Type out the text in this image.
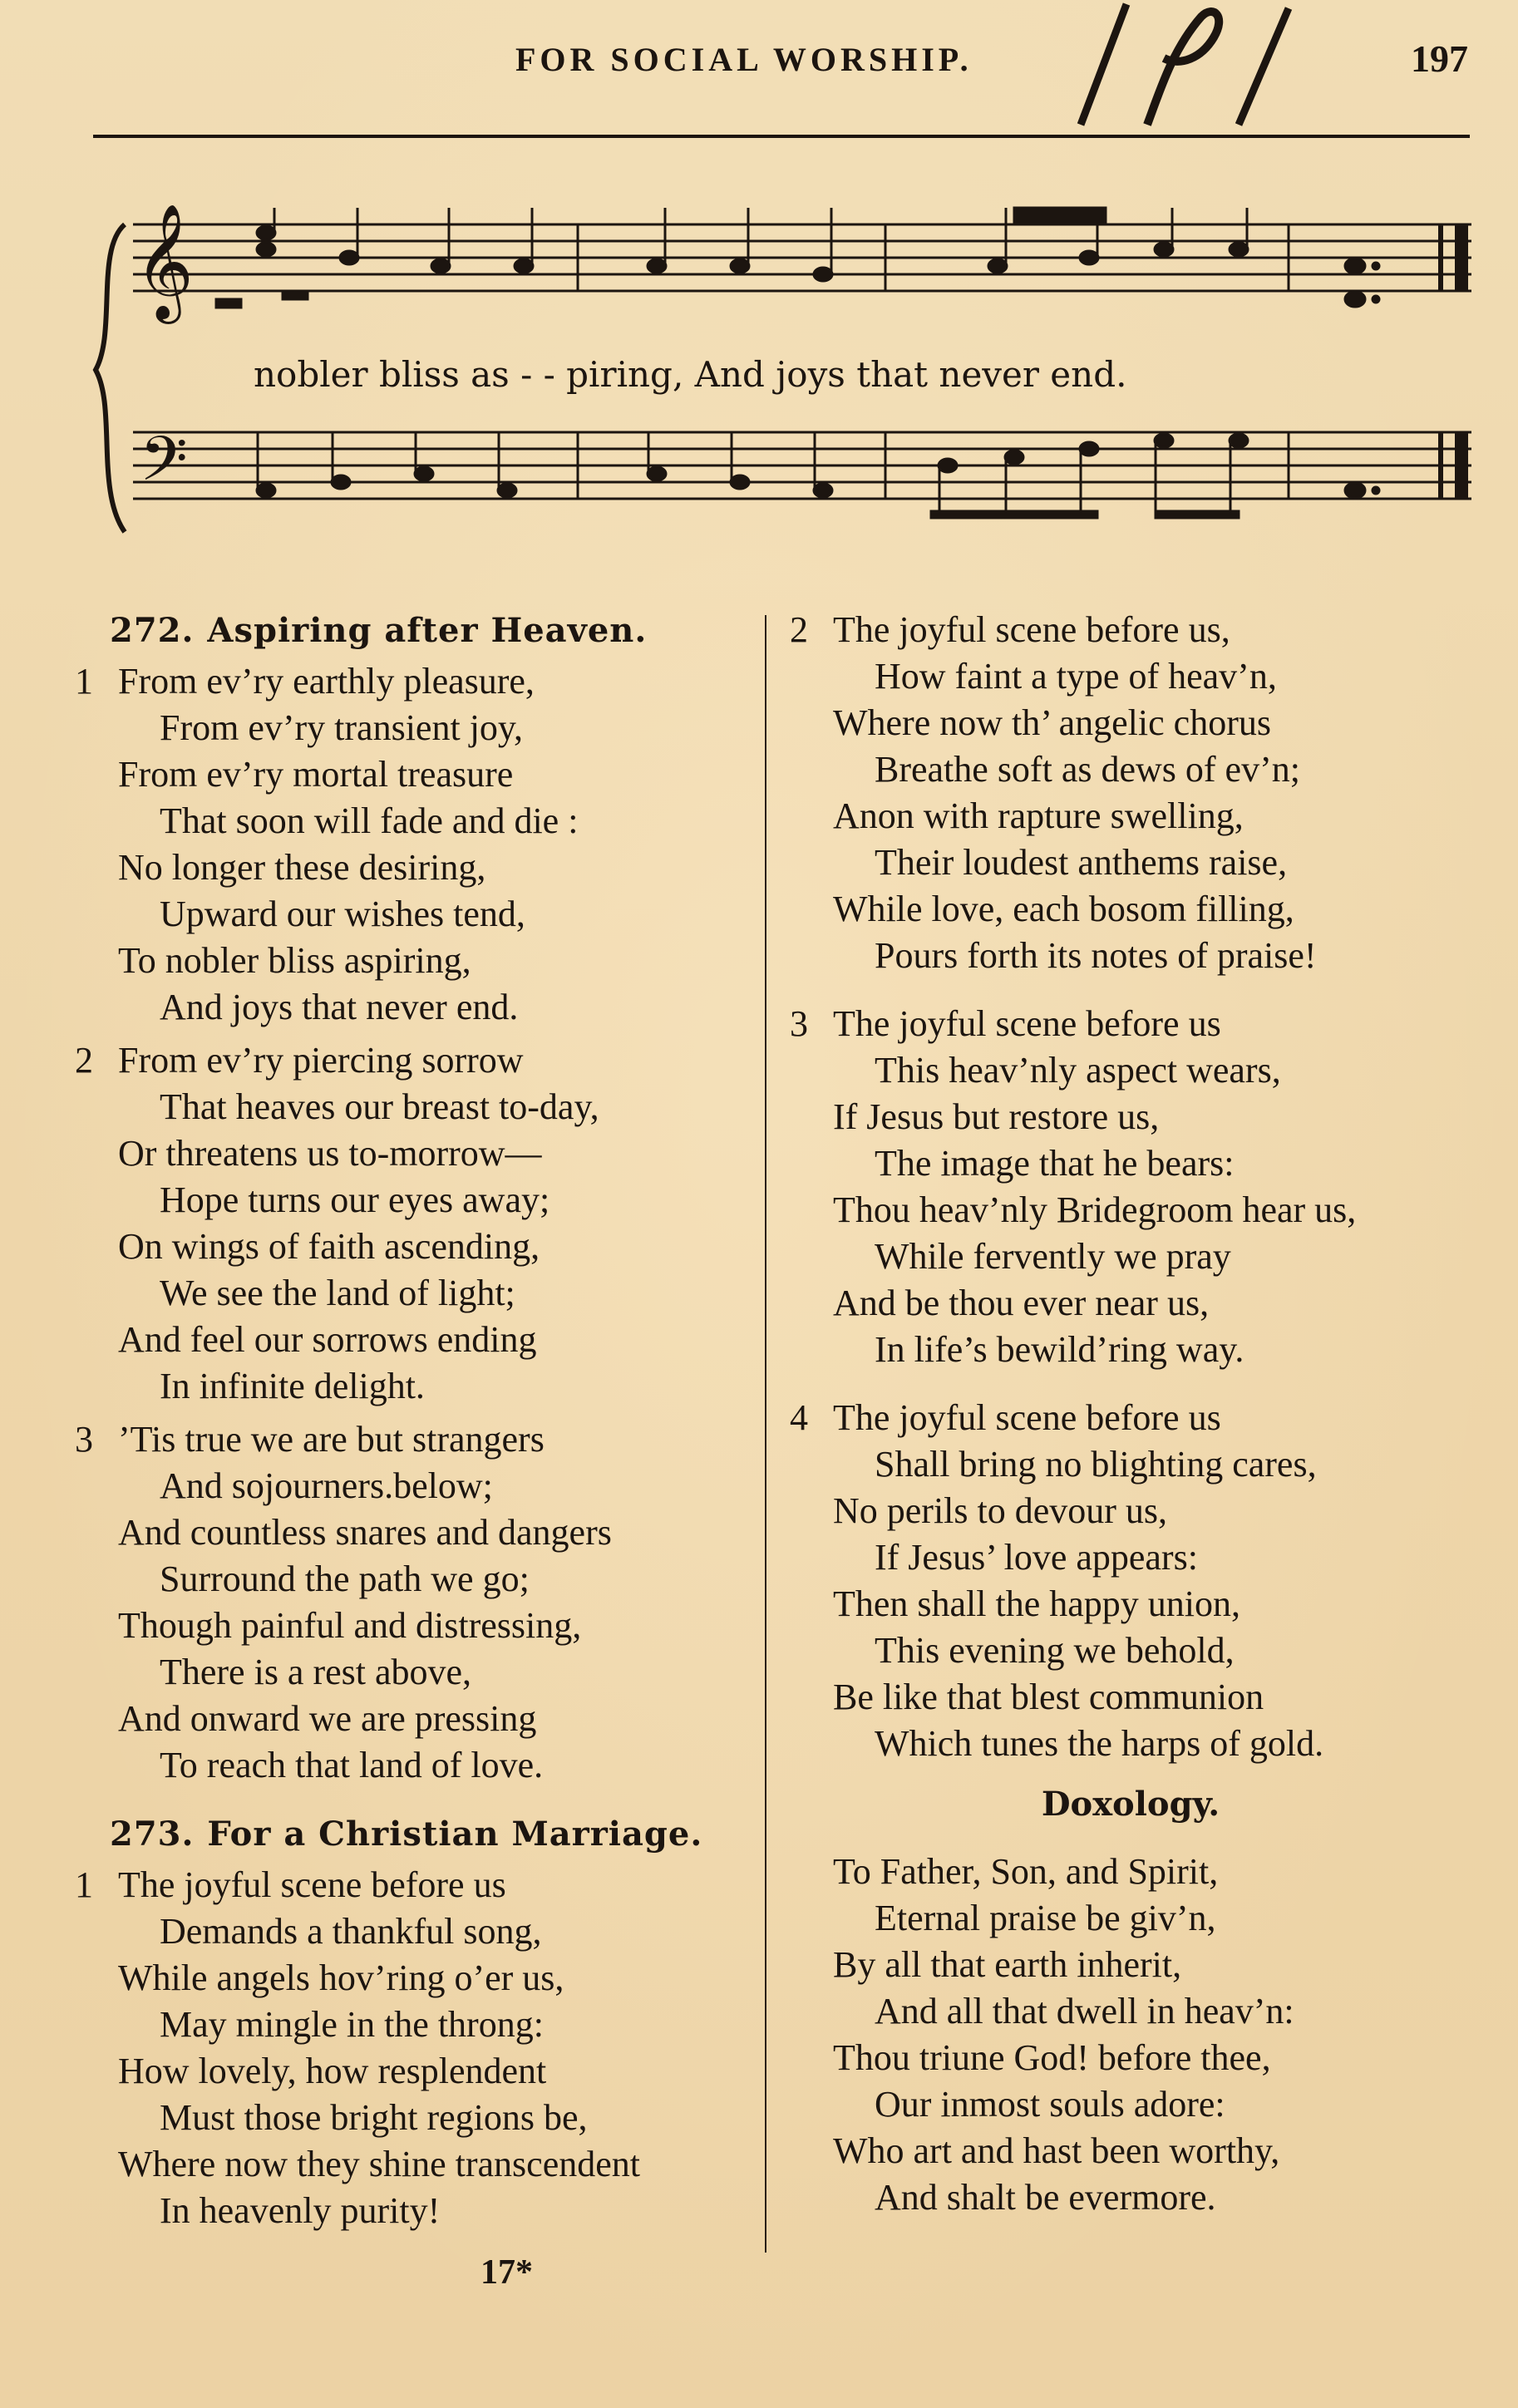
FOR SOCIAL WORSHIP.	197
𝄞
𝄢
nobler bliss as - - piring, And joys that never end.
272. Aspiring after Heaven.
1 From ev’ry earthly pleasure,
From ev’ry transient joy,
From ev’ry mortal treasure
That soon will fade and die :
No longer these desiring,
Upward our wishes tend,
To nobler bliss aspiring,
And joys that never end.
2 From ev’ry piercing sorrow
That heaves our breast to-day,
Or threatens us to-morrow—
Hope turns our eyes away;
On wings of faith ascending,
We see the land of light;
And feel our sorrows ending
In infinite delight.
3 ’Tis true we are but strangers
And sojourners.below;
And countless snares and dangers
Surround the path we go;
Though painful and distressing,
There is a rest above,
And onward we are pressing
To reach that land of love.
273. For a Christian Marriage.
1 The joyful scene before us
Demands a thankful song,
While angels hov’ring o’er us,
May mingle in the throng:
How lovely, how resplendent
Must those bright regions be,
Where now they shine transcendent
In heavenly purity!
2 The joyful scene before us,
How faint a type of heav’n,
Where now th’ angelic chorus
Breathe soft as dews of ev’n;
Anon with rapture swelling,
Their loudest anthems raise,
While love, each bosom filling,
Pours forth its notes of praise!
3 The joyful scene before us
This heav’nly aspect wears,
If Jesus but restore us,
The image that he bears:
Thou heav’nly Bridegroom hear us,
While fervently we pray
And be thou ever near us,
In life’s bewild’ring way.
4 The joyful scene before us
Shall bring no blighting cares,
No perils to devour us,
If Jesus’ love appears:
Then shall the happy union,
This evening we behold,
Be like that blest communion
Which tunes the harps of gold.
Doxology.
To Father, Son, and Spirit,
Eternal praise be giv’n,
By all that earth inherit,
And all that dwell in heav’n:
Thou triune God! before thee,
Our inmost souls adore:
Who art and hast been worthy,
And shalt be evermore.
17*
